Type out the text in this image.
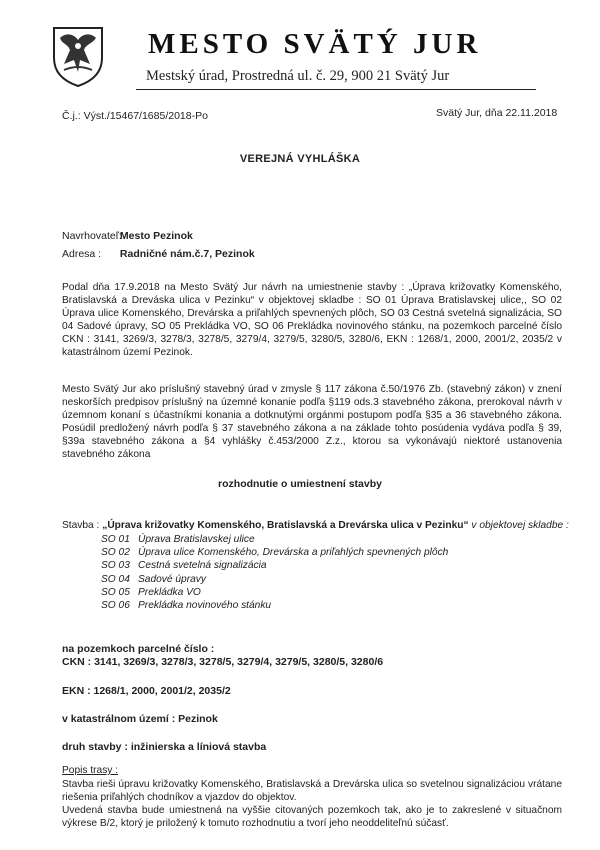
MESTO SVÄTÝ JUR
Mestský úrad, Prostredná ul. č. 29, 900 21 Svätý Jur
Č.j.: Výst./15467/1685/2018-Po	Svätý Jur, dňa 22.11.2018
VEREJNÁ VYHLÁŠKA
Navrhovateľ: Mesto Pezinok
Adresa : Radničné nám.č.7, Pezinok
Podal dňa 17.9.2018 na Mesto Svätý Jur návrh na umiestnenie stavby : „Úprava križovatky Komenského, Bratislavská a Dreváska ulica v Pezinku“ v objektovej skladbe : SO 01 Úprava Bratislavskej ulice,, SO 02 Úprava ulice Komenského, Drevárska a priľahlých spevnených plôch, SO 03 Cestná svetelná signalizácia, SO 04 Sadové úpravy, SO 05 Prekládka VO, SO 06 Prekládka novinového stánku, na pozemkoch parcelné číslo CKN : 3141, 3269/3, 3278/3, 3278/5, 3279/4, 3279/5, 3280/5, 3280/6, EKN : 1268/1, 2000, 2001/2, 2035/2 v katastrálnom území Pezinok.
Mesto Svätý Jur ako príslušný stavebný úrad v zmysle § 117 zákona č.50/1976 Zb. (stavebný zákon) v znení neskorších predpisov príslušný na územné konanie podľa §119 ods.3 stavebného zákona, prerokoval návrh v územnom konaní s účastníkmi konania a dotknutými orgánmi postupom podľa §35 a 36 stavebného zákona. Posúdil predložený návrh podľa § 37 stavebného zákona a na základe tohto posúdenia vydáva podľa § 39, §39a stavebného zákona a §4 vyhlášky č.453/2000 Z.z., ktorou sa vykonávajú niektoré ustanovenia stavebného zákona
rozhodnutie o umiestnení stavby
Stavba : „Úprava križovatky Komenského, Bratislavská a Drevárska ulica v Pezinku“ v objektovej skladbe :
SO 01 Úprava Bratislavskej ulice
SO 02 Úprava ulice Komenského, Drevárska a priľahlých spevnených plôch
SO 03 Cestná svetelná signalizácia
SO 04 Sadové úpravy
SO 05 Prekládka VO
SO 06 Prekládka novinového stánku
na pozemkoch parcelné číslo :
CKN : 3141, 3269/3, 3278/3, 3278/5, 3279/4, 3279/5, 3280/5, 3280/6
EKN : 1268/1, 2000, 2001/2, 2035/2
v katastrálnom území : Pezinok
druh stavby : inžinierska a líniová stavba
Popis trasy :

Stavba rieši úpravu križovatky Komenského, Bratislavská a Drevárska ulica so svetelnou signalizáciou vrátane riešenia priľahlých chodníkov a vjazdov do objektov.

Uvedená stavba bude umiestnená na vyššie citovaných pozemkoch tak, ako je to zakreslené v situačnom výkrese B/2, ktorý je priložený k tomuto rozhodnutiu a tvorí jeho neoddeliteľnú súčasť.
